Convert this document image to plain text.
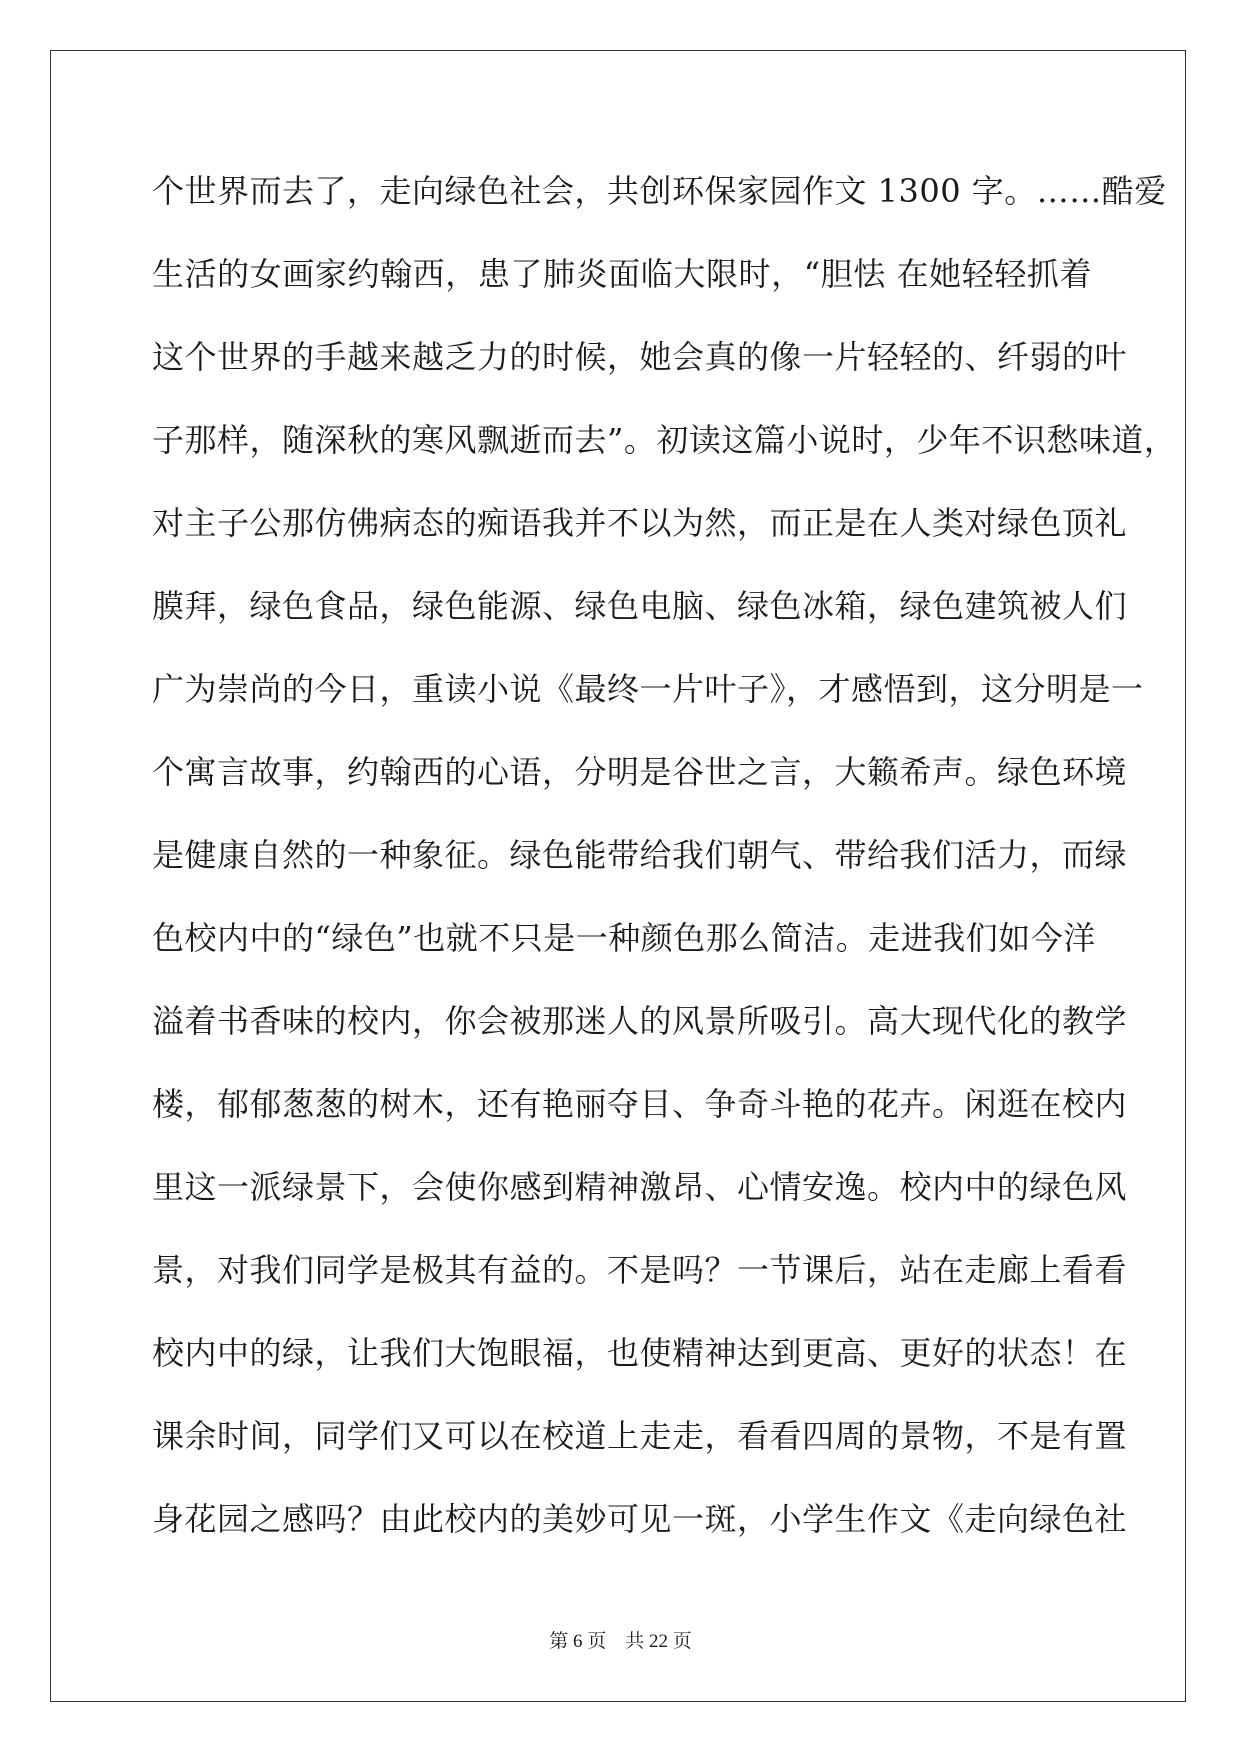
个世界而去了，走向绿色社会，共创环保家园作文 1300 字。……酷爱
生活的女画家约翰西，患了肺炎面临大限时，“胆怯 在她轻轻抓着
这个世界的手越来越乏力的时候，她会真的像一片轻轻的、纤弱的叶
子那样，随深秋的寒风飘逝而去”。初读这篇小说时，少年不识愁味道，
对主子公那仿佛病态的痴语我并不以为然，而正是在人类对绿色顶礼
膜拜，绿色食品，绿色能源、绿色电脑、绿色冰箱，绿色建筑被人们
广为崇尚的今日，重读小说《最终一片叶子》，才感悟到，这分明是一
个寓言故事，约翰西的心语，分明是谷世之言，大籁希声。绿色环境
是健康自然的一种象征。绿色能带给我们朝气、带给我们活力，而绿
色校内中的“绿色”也就不只是一种颜色那么简洁。走进我们如今洋
溢着书香味的校内，你会被那迷人的风景所吸引。高大现代化的教学
楼，郁郁葱葱的树木，还有艳丽夺目、争奇斗艳的花卉。闲逛在校内
里这一派绿景下，会使你感到精神激昂、心情安逸。校内中的绿色风
景，对我们同学是极其有益的。不是吗？一节课后，站在走廊上看看
校内中的绿，让我们大饱眼福，也使精神达到更高、更好的状态！在
课余时间，同学们又可以在校道上走走，看看四周的景物，不是有置
身花园之感吗？由此校内的美妙可见一斑，小学生作文《走向绿色社
第 6 页 共 22 页
